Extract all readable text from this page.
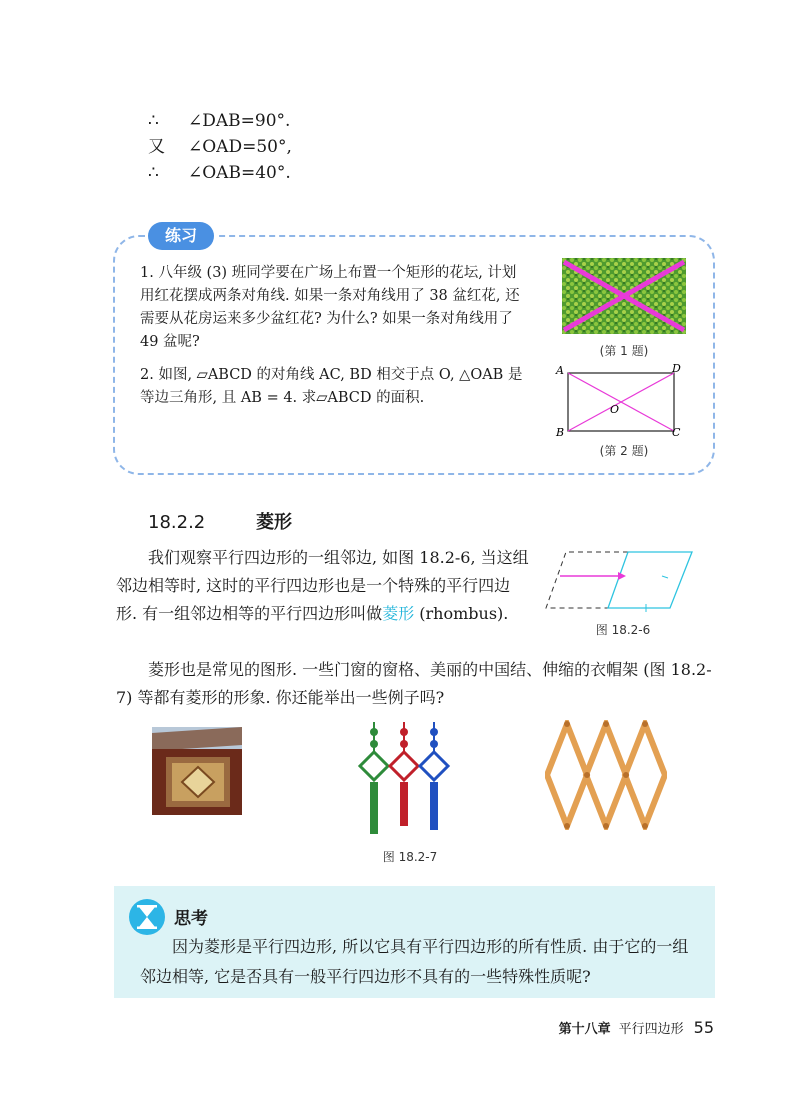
∴ ∠DAB=90°.
又 ∠OAD=50°,
∴ ∠OAB=40°.
练习
1. 八年级 (3) 班同学要在广场上布置一个矩形的花坛, 计划用红花摆成两条对角线. 如果一条对角线用了 38 盆红花, 还需要从花房运来多少盆红花? 为什么? 如果一条对角线用了 49 盆呢?
2. 如图, ▱ABCD 的对角线 AC, BD 相交于点 O, △OAB 是等边三角形, 且 AB = 4. 求▱ABCD 的面积.
(第 1 题)
A	D
B	C
O
(第 2 题)
18.2.2	菱形
我们观察平行四边形的一组邻边, 如图 18.2-6, 当这组邻边相等时, 这时的平行四边形也是一个特殊的平行四边形. 有一组邻边相等的平行四边形叫做菱形 (rhombus).
图 18.2-6
菱形也是常见的图形. 一些门窗的窗格、美丽的中国结、伸缩的衣帽架 (图 18.2-7) 等都有菱形的形象. 你还能举出一些例子吗?
图 18.2-7
思考
因为菱形是平行四边形, 所以它具有平行四边形的所有性质. 由于它的一组邻边相等, 它是否具有一般平行四边形不具有的一些特殊性质呢?
第十八章 平行四边形 55
